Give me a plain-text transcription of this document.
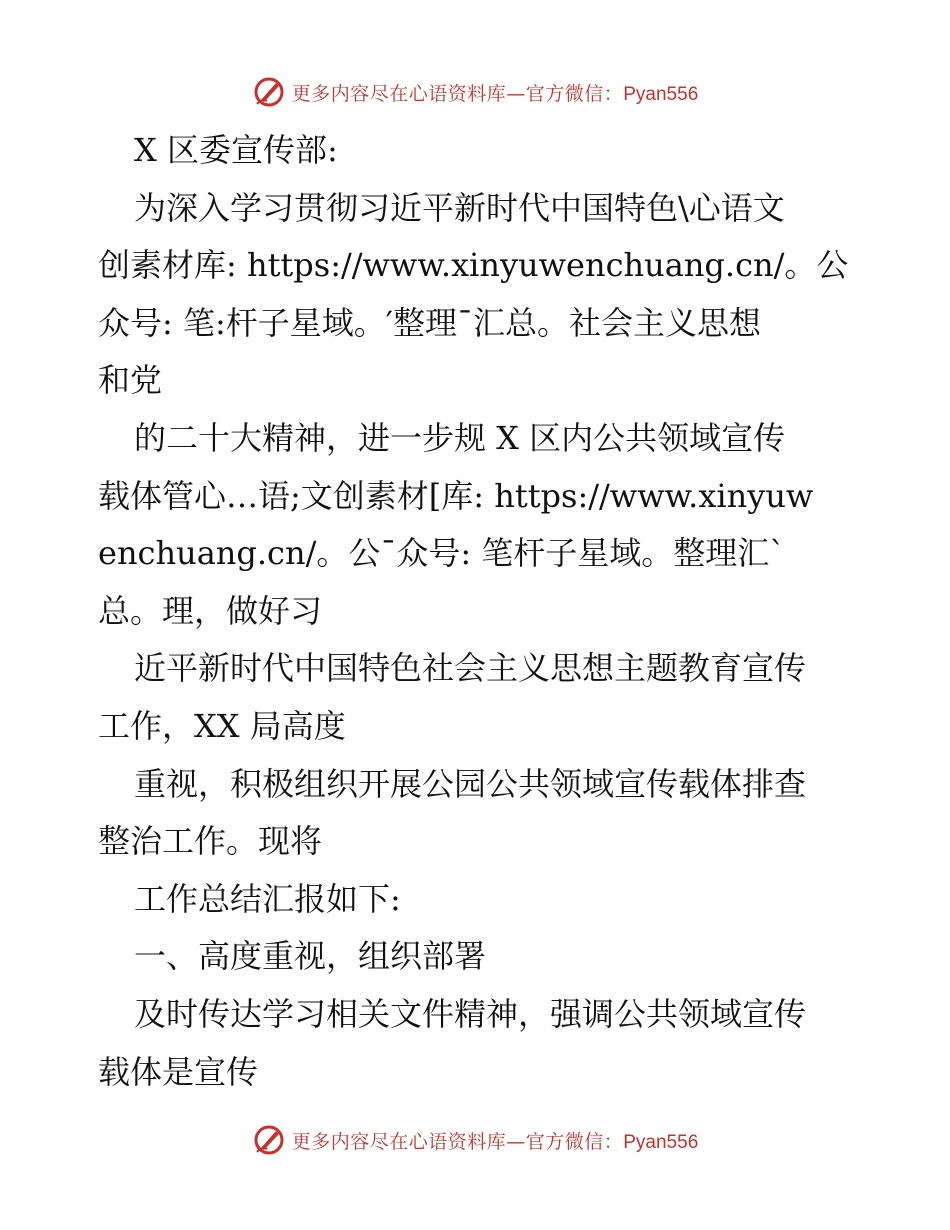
更多内容尽在心语资料库—官方微信：Pyan556
X 区委宣传部:
为深入学习贯彻习近平新时代中国特色\心语文
创素材库: https://www.xinyuwenchuang.cn/。公
众号: 笔:杆子星域。′整理¯汇总。社会主义思想
和党
的二十大精神，进一步规 X 区内公共领域宣传
载体管心…语;文创素材[库: https://www.xinyuw
enchuang.cn/。公¯众号: 笔杆子星域。整理汇ˋ
总。理，做好习
近平新时代中国特色社会主义思想主题教育宣传
工作，XX 局高度
重视，积极组织开展公园公共领域宣传载体排查
整治工作。现将
工作总结汇报如下:
一、高度重视，组织部署
及时传达学习相关文件精神，强调公共领域宣传
载体是宣传
更多内容尽在心语资料库—官方微信：Pyan556
